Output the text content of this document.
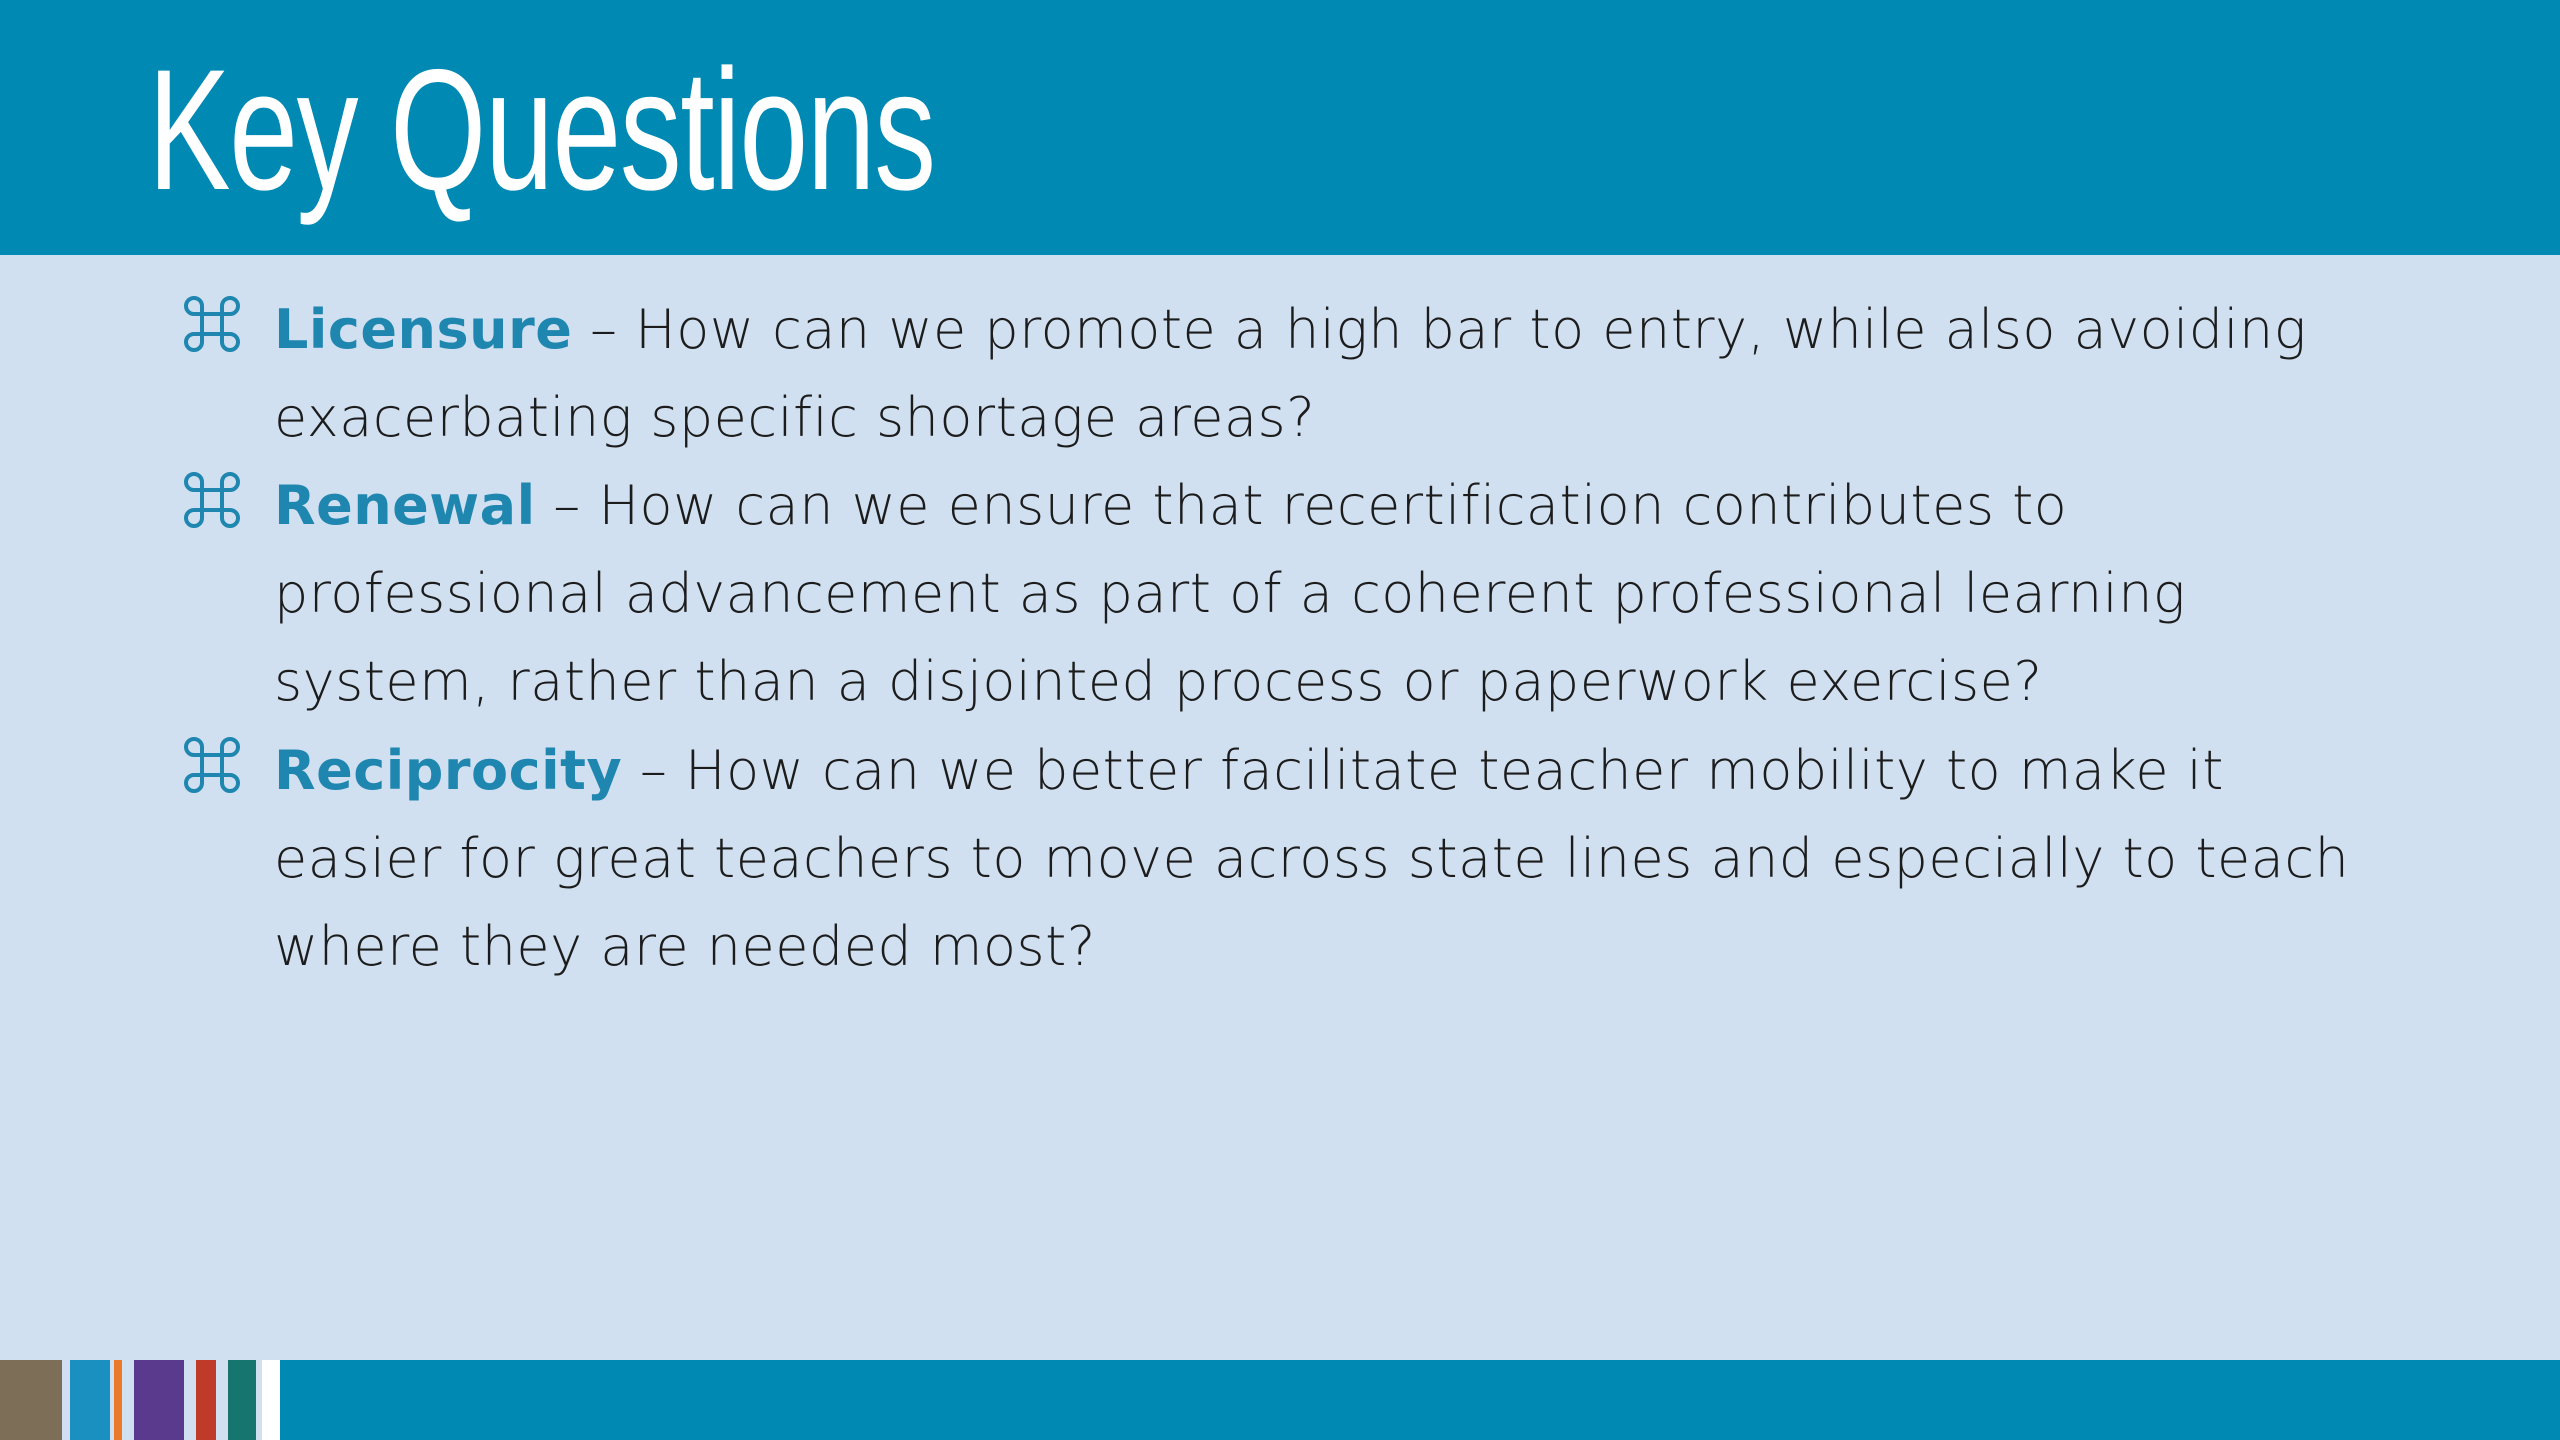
Key Questions

Licensure – How can we promote a high bar to entry, while also avoiding exacerbating specific shortage areas?

Renewal – How can we ensure that recertification contributes to professional advancement as part of a coherent professional learning system, rather than a disjointed process or paperwork exercise?

Reciprocity – How can we better facilitate teacher mobility to make it easier for great teachers to move across state lines and especially to teach where they are needed most?
